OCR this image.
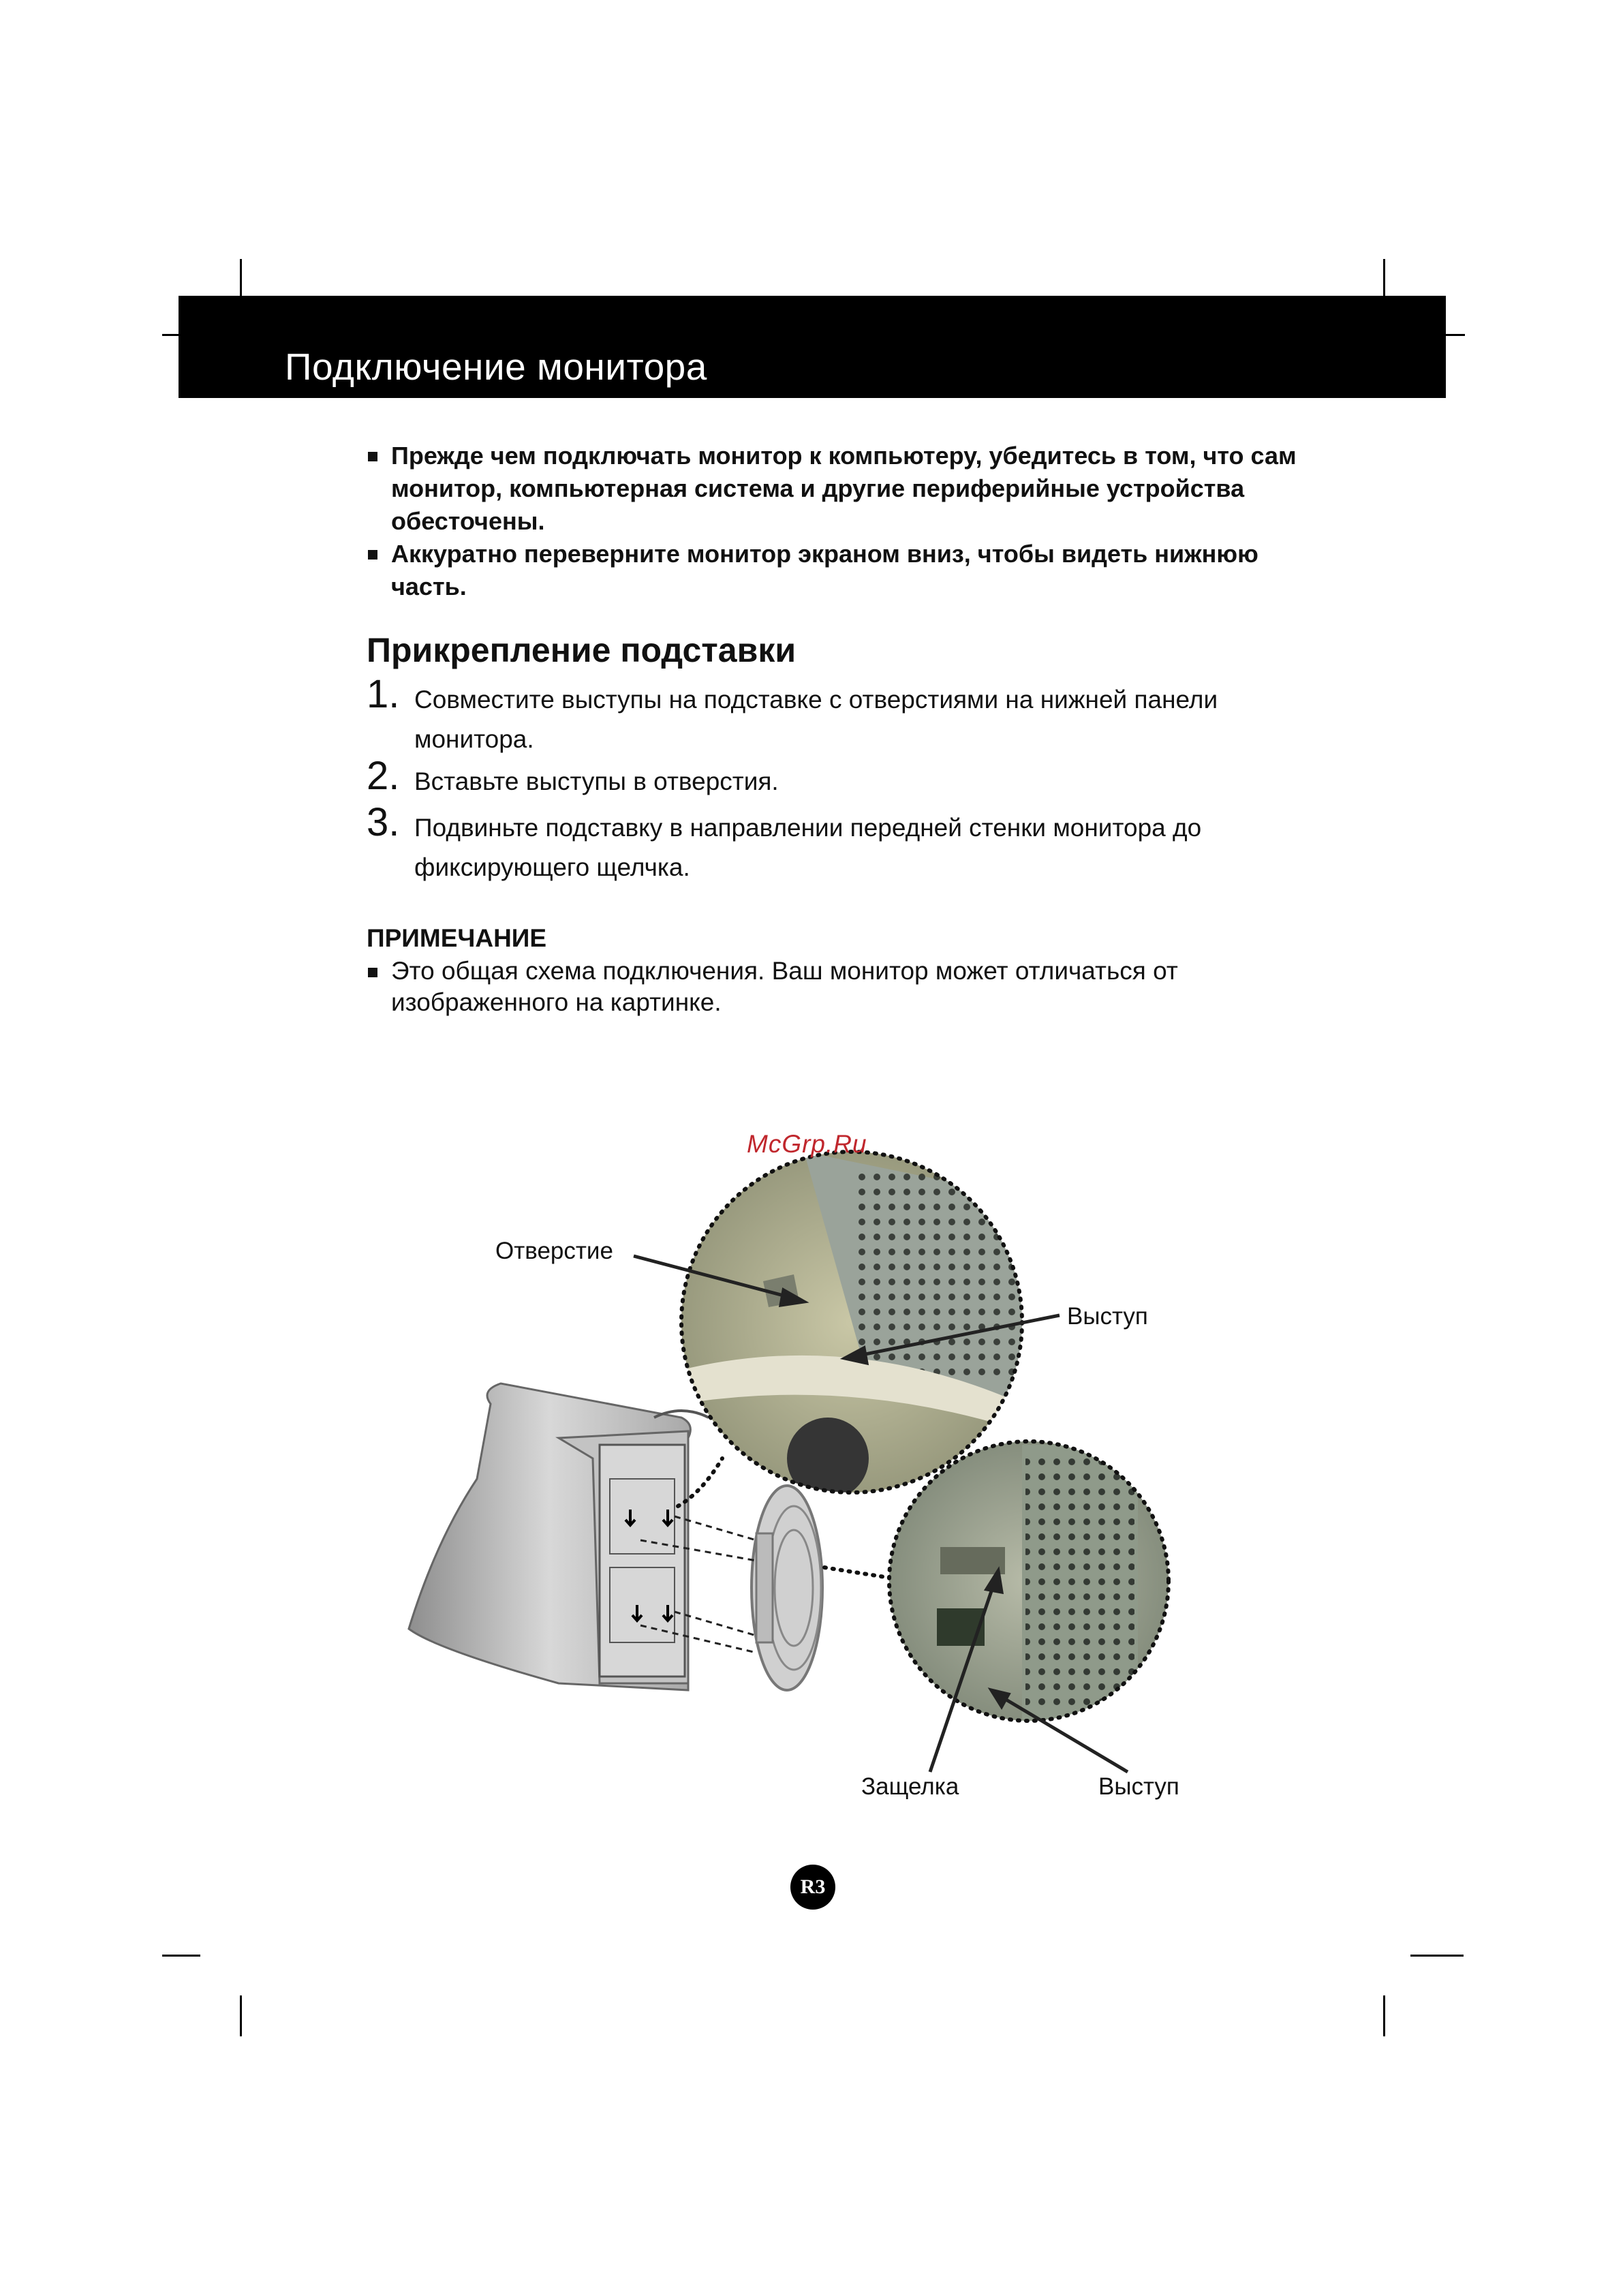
Подключение монитора
Прежде чем подключать монитор к компьютеру, убедитесь в том, что сам монитор, компьютерная система и другие периферийные устройства обесточены.
Аккуратно переверните монитор экраном вниз, чтобы видеть нижнюю часть.
Прикрепление подставки
1. Совместите выступы на подставке с отверстиями на нижней панели монитора.
2. Вставьте выступы в отверстия.
3. Подвиньте подставку в направлении передней стенки монитора до фиксирующего щелчка.
ПРИМЕЧАНИЕ
Это общая схема подключения. Ваш монитор может отличаться от изображенного на картинке.
McGrp.Ru
Отверстие
Выступ
Защелка	Выступ
R3
